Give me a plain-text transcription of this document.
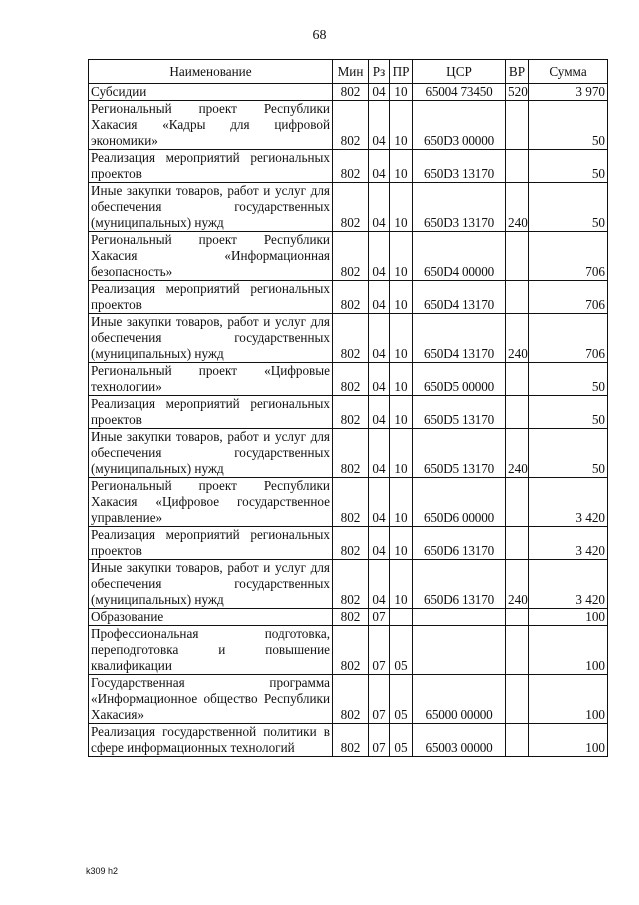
68
Наименование	Мин	Рз	ПР	ЦСР	ВР	Сумма
Субсидии	802	04	10	65004 73450	520	3 970
Региональный проект Республики Хакасия «Кадры для цифровой экономики»	802	04	10	650D3 00000		50
Реализация мероприятий региональных проектов	802	04	10	650D3 13170		50
Иные закупки товаров, работ и услуг для обеспечения государственных (муниципальных) нужд	802	04	10	650D3 13170	240	50
Региональный проект Республики Хакасия «Информационная безопасность»	802	04	10	650D4 00000		706
Реализация мероприятий региональных проектов	802	04	10	650D4 13170		706
Иные закупки товаров, работ и услуг для обеспечения государственных (муниципальных) нужд	802	04	10	650D4 13170	240	706
Региональный проект «Цифровые технологии»	802	04	10	650D5 00000		50
Реализация мероприятий региональных проектов	802	04	10	650D5 13170		50
Иные закупки товаров, работ и услуг для обеспечения государственных (муниципальных) нужд	802	04	10	650D5 13170	240	50
Региональный проект Республики Хакасия «Цифровое государственное управление»	802	04	10	650D6 00000		3 420
Реализация мероприятий региональных проектов	802	04	10	650D6 13170		3 420
Иные закупки товаров, работ и услуг для обеспечения государственных (муниципальных) нужд	802	04	10	650D6 13170	240	3 420
Образование	802	07				100
Профессиональная подготовка, переподготовка и повышение квалификации	802	07	05			100
Государственная программа «Информационное общество Республики Хакасия»	802	07	05	65000 00000		100
Реализация государственной политики в сфере информационных технологий	802	07	05	65003 00000		100
k309 h2
